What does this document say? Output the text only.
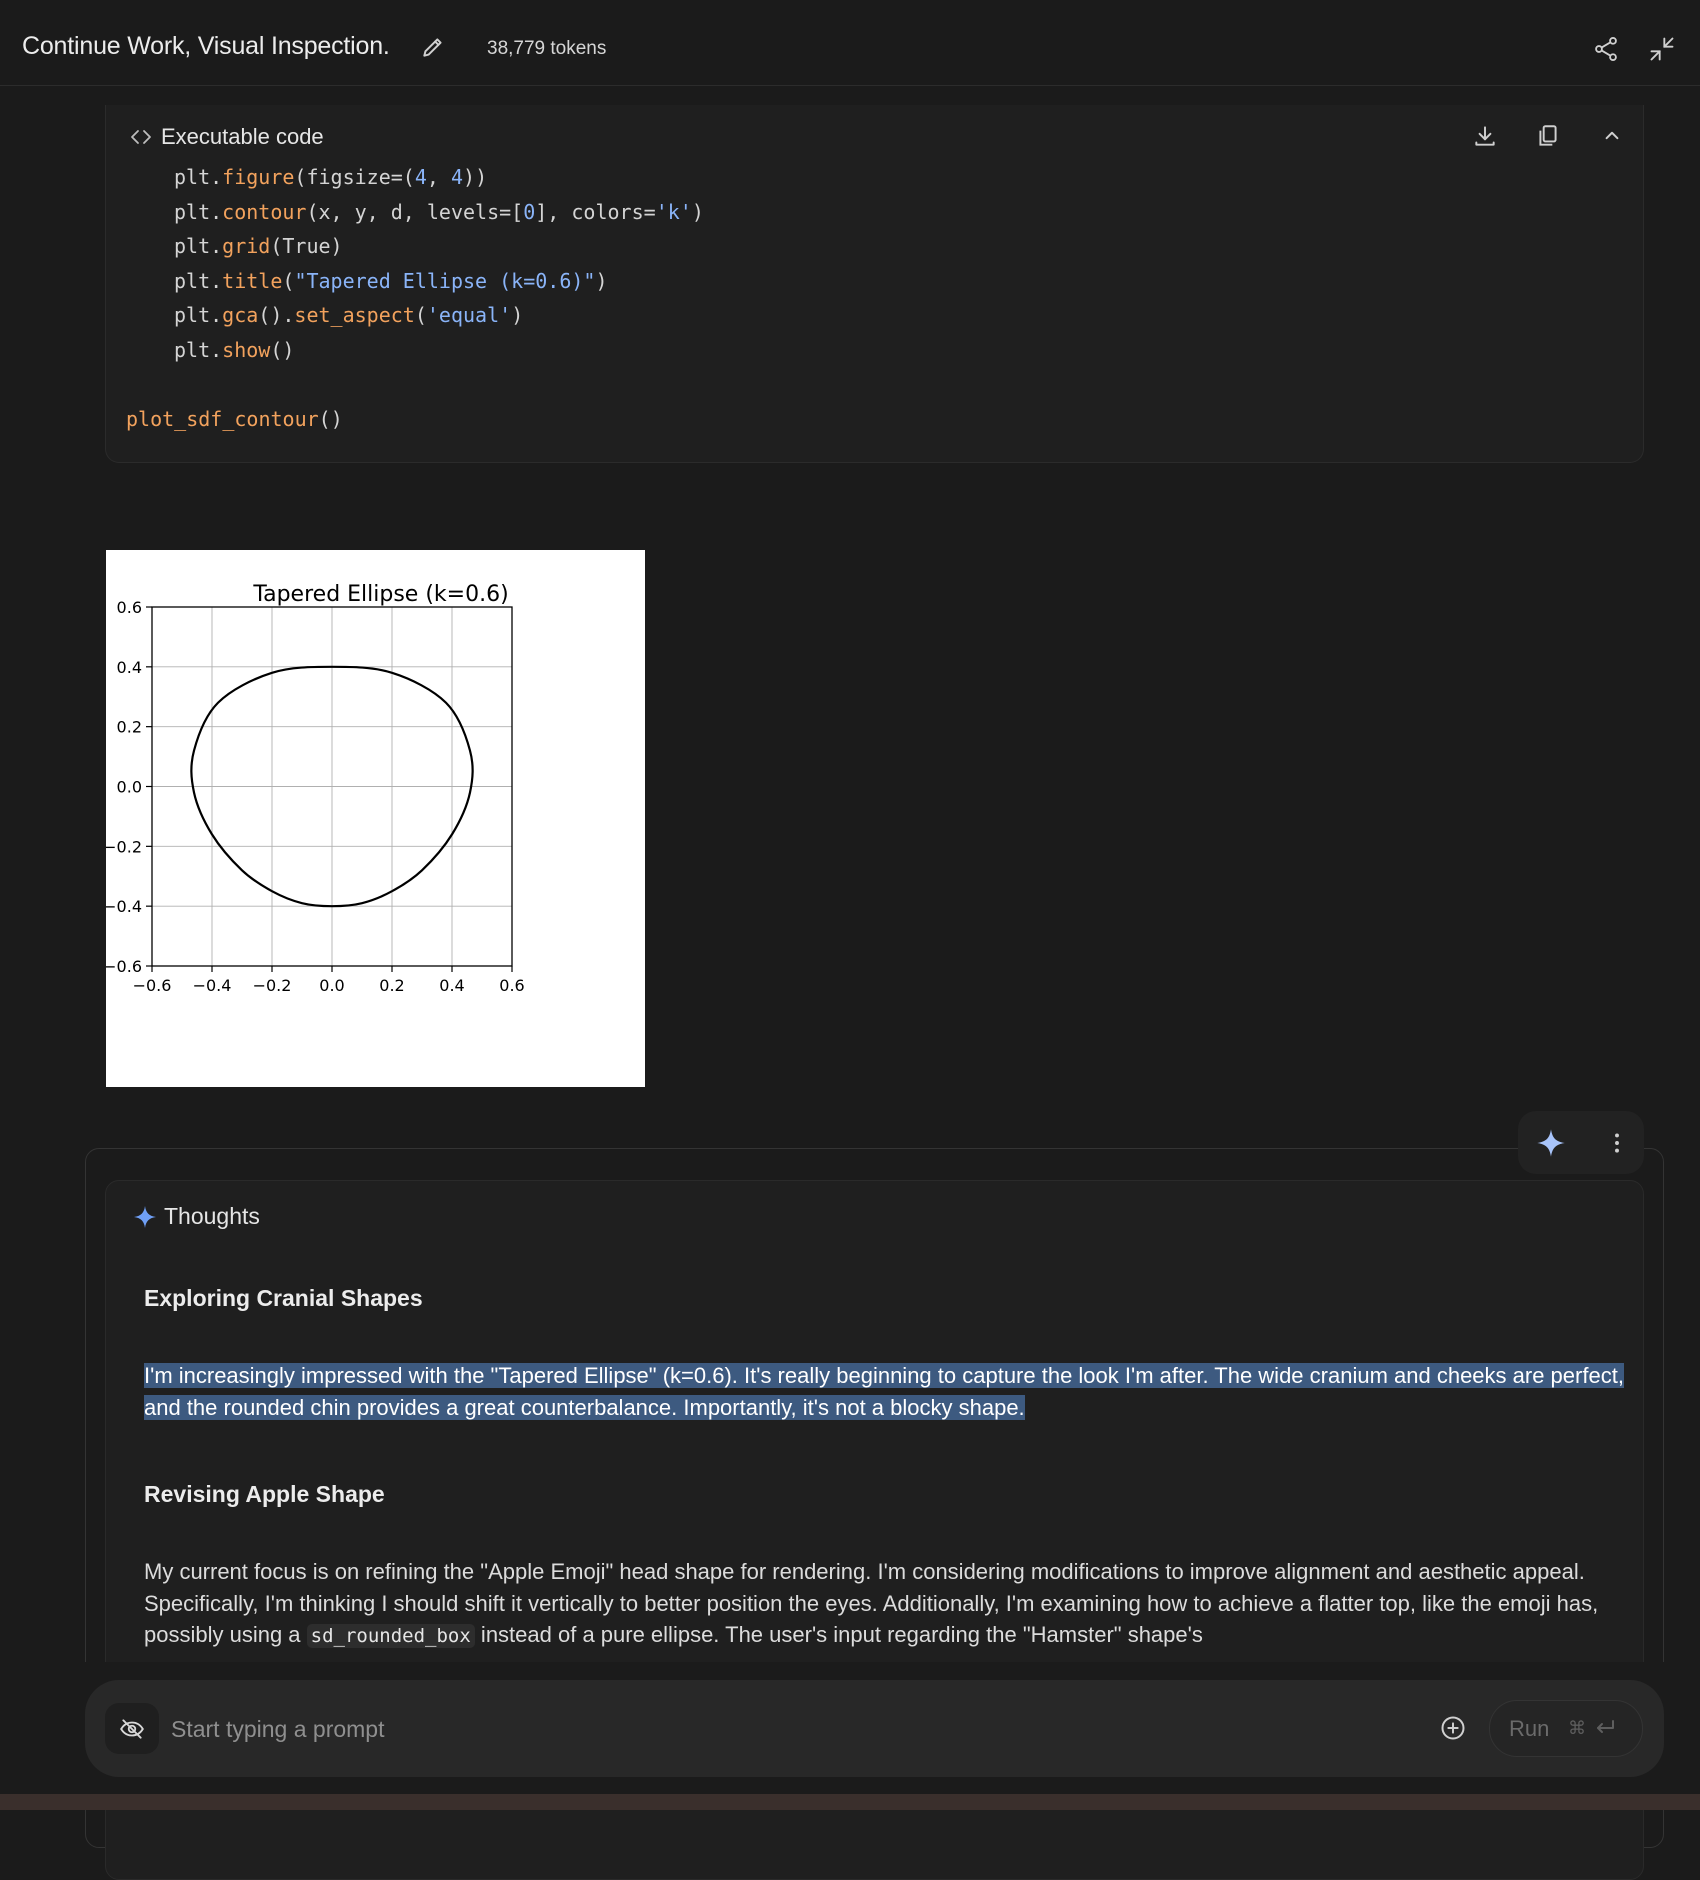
Continue Work, Visual Inspection.	38,779 tokens
Executable code
plt.figure(figsize=(4, 4))
plt.contour(x, y, d, levels=[0], colors='k')
plt.grid(True)
plt.title("Tapered Ellipse (k=0.6)")
plt.gca().set_aspect('equal')
plt.show()

plot_sdf_contour()
−0.6 −0.4 −0.2 0.0 0.2 0.4 0.6
0.6
0.4
0.2
0.0
−0.2
−0.4
−0.6
Tapered Ellipse (k=0.6)
Thoughts
Exploring Cranial Shapes
I'm increasingly impressed with the "Tapered Ellipse" (k=0.6). It's really beginning to capture the look I'm after. The wide cranium and cheeks are perfect, and the rounded chin provides a great counterbalance. Importantly, it's not a blocky shape.
Revising Apple Shape
My current focus is on refining the "Apple Emoji" head shape for rendering. I'm considering modifications to improve alignment and aesthetic appeal. Specifically, I'm thinking I should shift it vertically to better position the eyes. Additionally, I'm examining how to achieve a flatter top, like the emoji has, possibly using a sd_rounded_box instead of a pure ellipse. The user's input regarding the "Hamster" shape's
Start typing a prompt
Run ⌘
